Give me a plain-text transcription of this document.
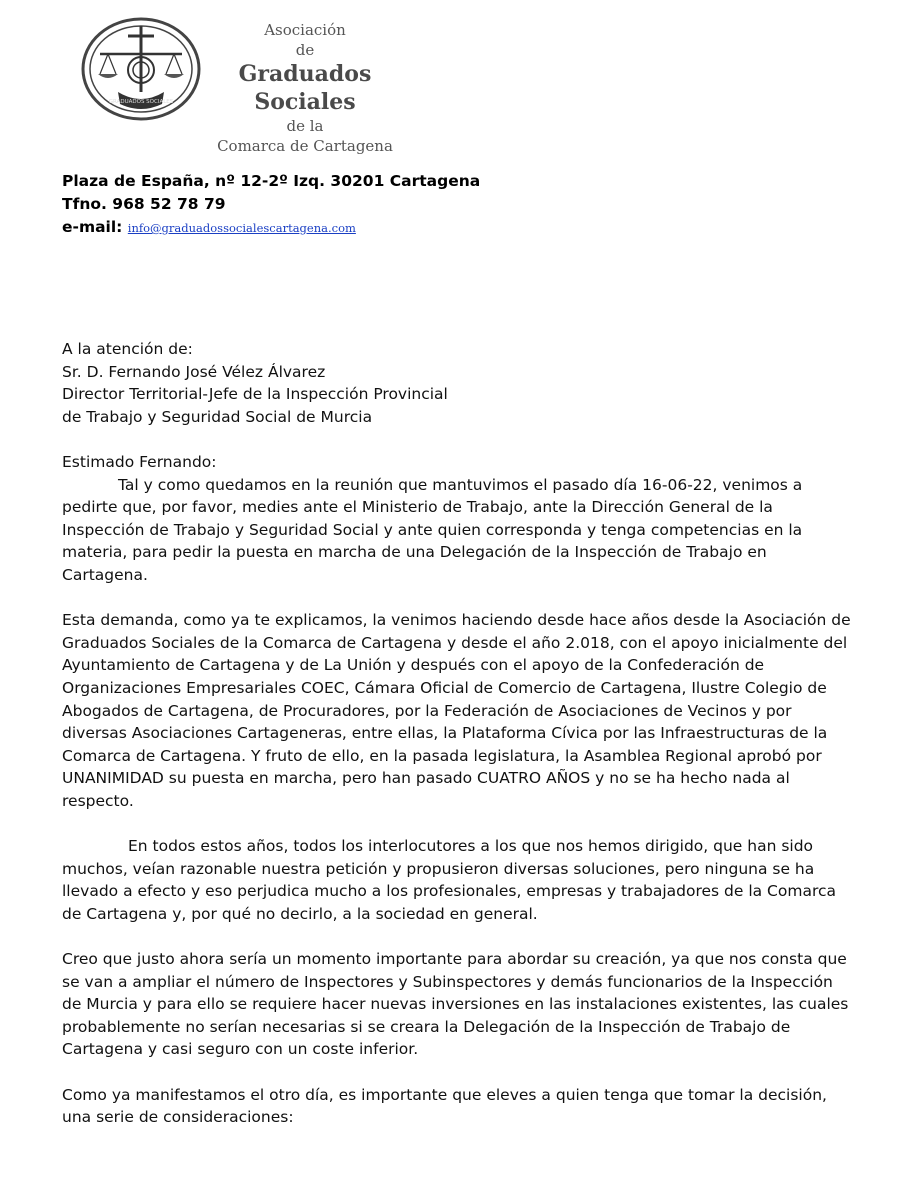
GRADUADOS SOCIALES
Asociación
de
Graduados Sociales
de la
Comarca de Cartagena
Plaza de España, nº 12-2º Izq. 30201 Cartagena
Tfno. 968 52 78 79
e-mail: info@graduadossocialescartagena.com

A la atención de:

Sr. D. Fernando José Vélez Álvarez

Director Territorial-Jefe de la Inspección Provincial

de Trabajo y Seguridad Social de Murcia

Estimado Fernando:

Tal y como quedamos en la reunión que mantuvimos el pasado día 16-06-22, venimos a pedirte que, por favor, medies ante el Ministerio de Trabajo, ante la Dirección General de la Inspección de Trabajo y Seguridad Social y ante quien corresponda y tenga competencias en la materia, para pedir la puesta en marcha de una Delegación de la Inspección de Trabajo en Cartagena.

Esta demanda, como ya te explicamos, la venimos haciendo desde hace años desde la Asociación de Graduados Sociales de la Comarca de Cartagena y desde el año 2.018, con el apoyo inicialmente del Ayuntamiento de Cartagena y de La Unión y después con el apoyo de la Confederación de Organizaciones Empresariales COEC, Cámara Oficial de Comercio de Cartagena, Ilustre Colegio de Abogados de Cartagena, de Procuradores, por la Federación de Asociaciones de Vecinos y por diversas Asociaciones Cartageneras, entre ellas, la Plataforma Cívica por las Infraestructuras de la Comarca de Cartagena. Y fruto de ello, en la pasada legislatura, la Asamblea Regional aprobó por UNANIMIDAD su puesta en marcha, pero han pasado CUATRO AÑOS y no se ha hecho nada al respecto.

En todos estos años, todos los interlocutores a los que nos hemos dirigido, que han sido muchos, veían razonable nuestra petición y propusieron diversas soluciones, pero ninguna se ha llevado a efecto y eso perjudica mucho a los profesionales, empresas y trabajadores de la Comarca de Cartagena y, por qué no decirlo, a la sociedad en general.

Creo que justo ahora sería un momento importante para abordar su creación, ya que nos consta que se van a ampliar el número de Inspectores y Subinspectores y demás funcionarios de la Inspección de Murcia y para ello se requiere hacer nuevas inversiones en las instalaciones existentes, las cuales probablemente no serían necesarias si se creara la Delegación de la Inspección de Trabajo de Cartagena y casi seguro con un coste inferior.

Como ya manifestamos el otro día, es importante que eleves a quien tenga que tomar la decisión, una serie de consideraciones:
